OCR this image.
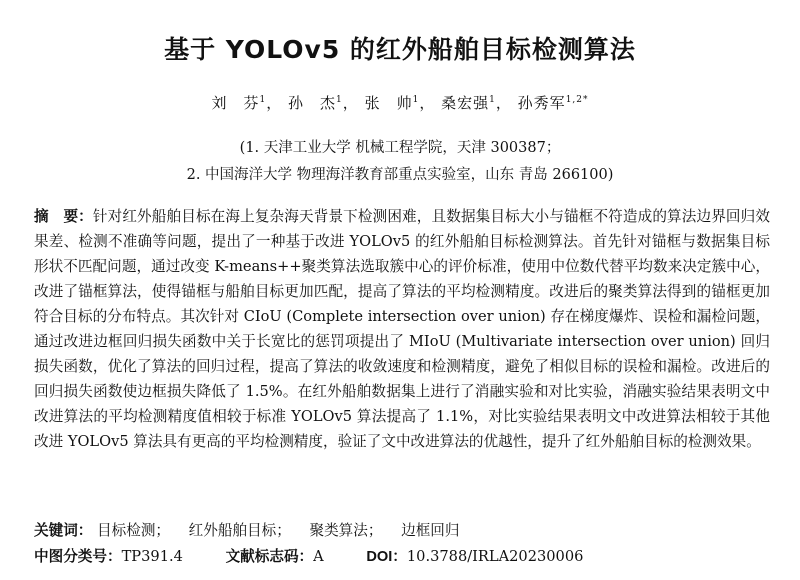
基于 YOLOv5 的红外船舶目标检测算法
刘　芬$^1$， 孙　杰$^1$， 张　帅$^1$， 桑宏强$^1$， 孙秀军$^{1,2*}$
(1. 天津工业大学 机械工程学院，天津 300387；
2. 中国海洋大学 物理海洋教育部重点实验室，山东 青岛 266100)

摘　要：针对红外船舶目标在海上复杂海天背景下检测困难，且数据集目标大小与锚框不符造成的算法边界回归效果差、检测不准确等问题，提出了一种基于改进 YOLOv5 的红外船舶目标检测算法。首先针对锚框与数据集目标形状不匹配问题，通过改变 K-means++聚类算法选取簇中心的评价标准，使用中位数代替平均数来决定簇中心，改进了锚框算法，使得锚框与船舶目标更加匹配，提高了算法的平均检测精度。改进后的聚类算法得到的锚框更加符合目标的分布特点。其次针对 CIoU (Complete intersection over union) 存在梯度爆炸、误检和漏检问题，通过改进边框回归损失函数中关于长宽比的惩罚项提出了 MIoU (Multivariate intersection over union) 回归损失函数，优化了算法的回归过程，提高了算法的收敛速度和检测精度，避免了相似目标的误检和漏检。改进后的回归损失函数使边框损失降低了 1.5%。在红外船舶数据集上进行了消融实验和对比实验，消融实验结果表明文中改进算法的平均检测精度值相较于标准 YOLOv5 算法提高了 1.1%，对比实验结果表明文中改进算法相较于其他改进 YOLOv5 算法具有更高的平均检测精度，验证了文中改进算法的优越性，提升了红外船舶目标的检测效果。

关键词： 目标检测； 红外船舶目标； 聚类算法； 边框回归
中图分类号：TP391.4	文献标志码：A	DOI：10.3788/IRLA20230006
